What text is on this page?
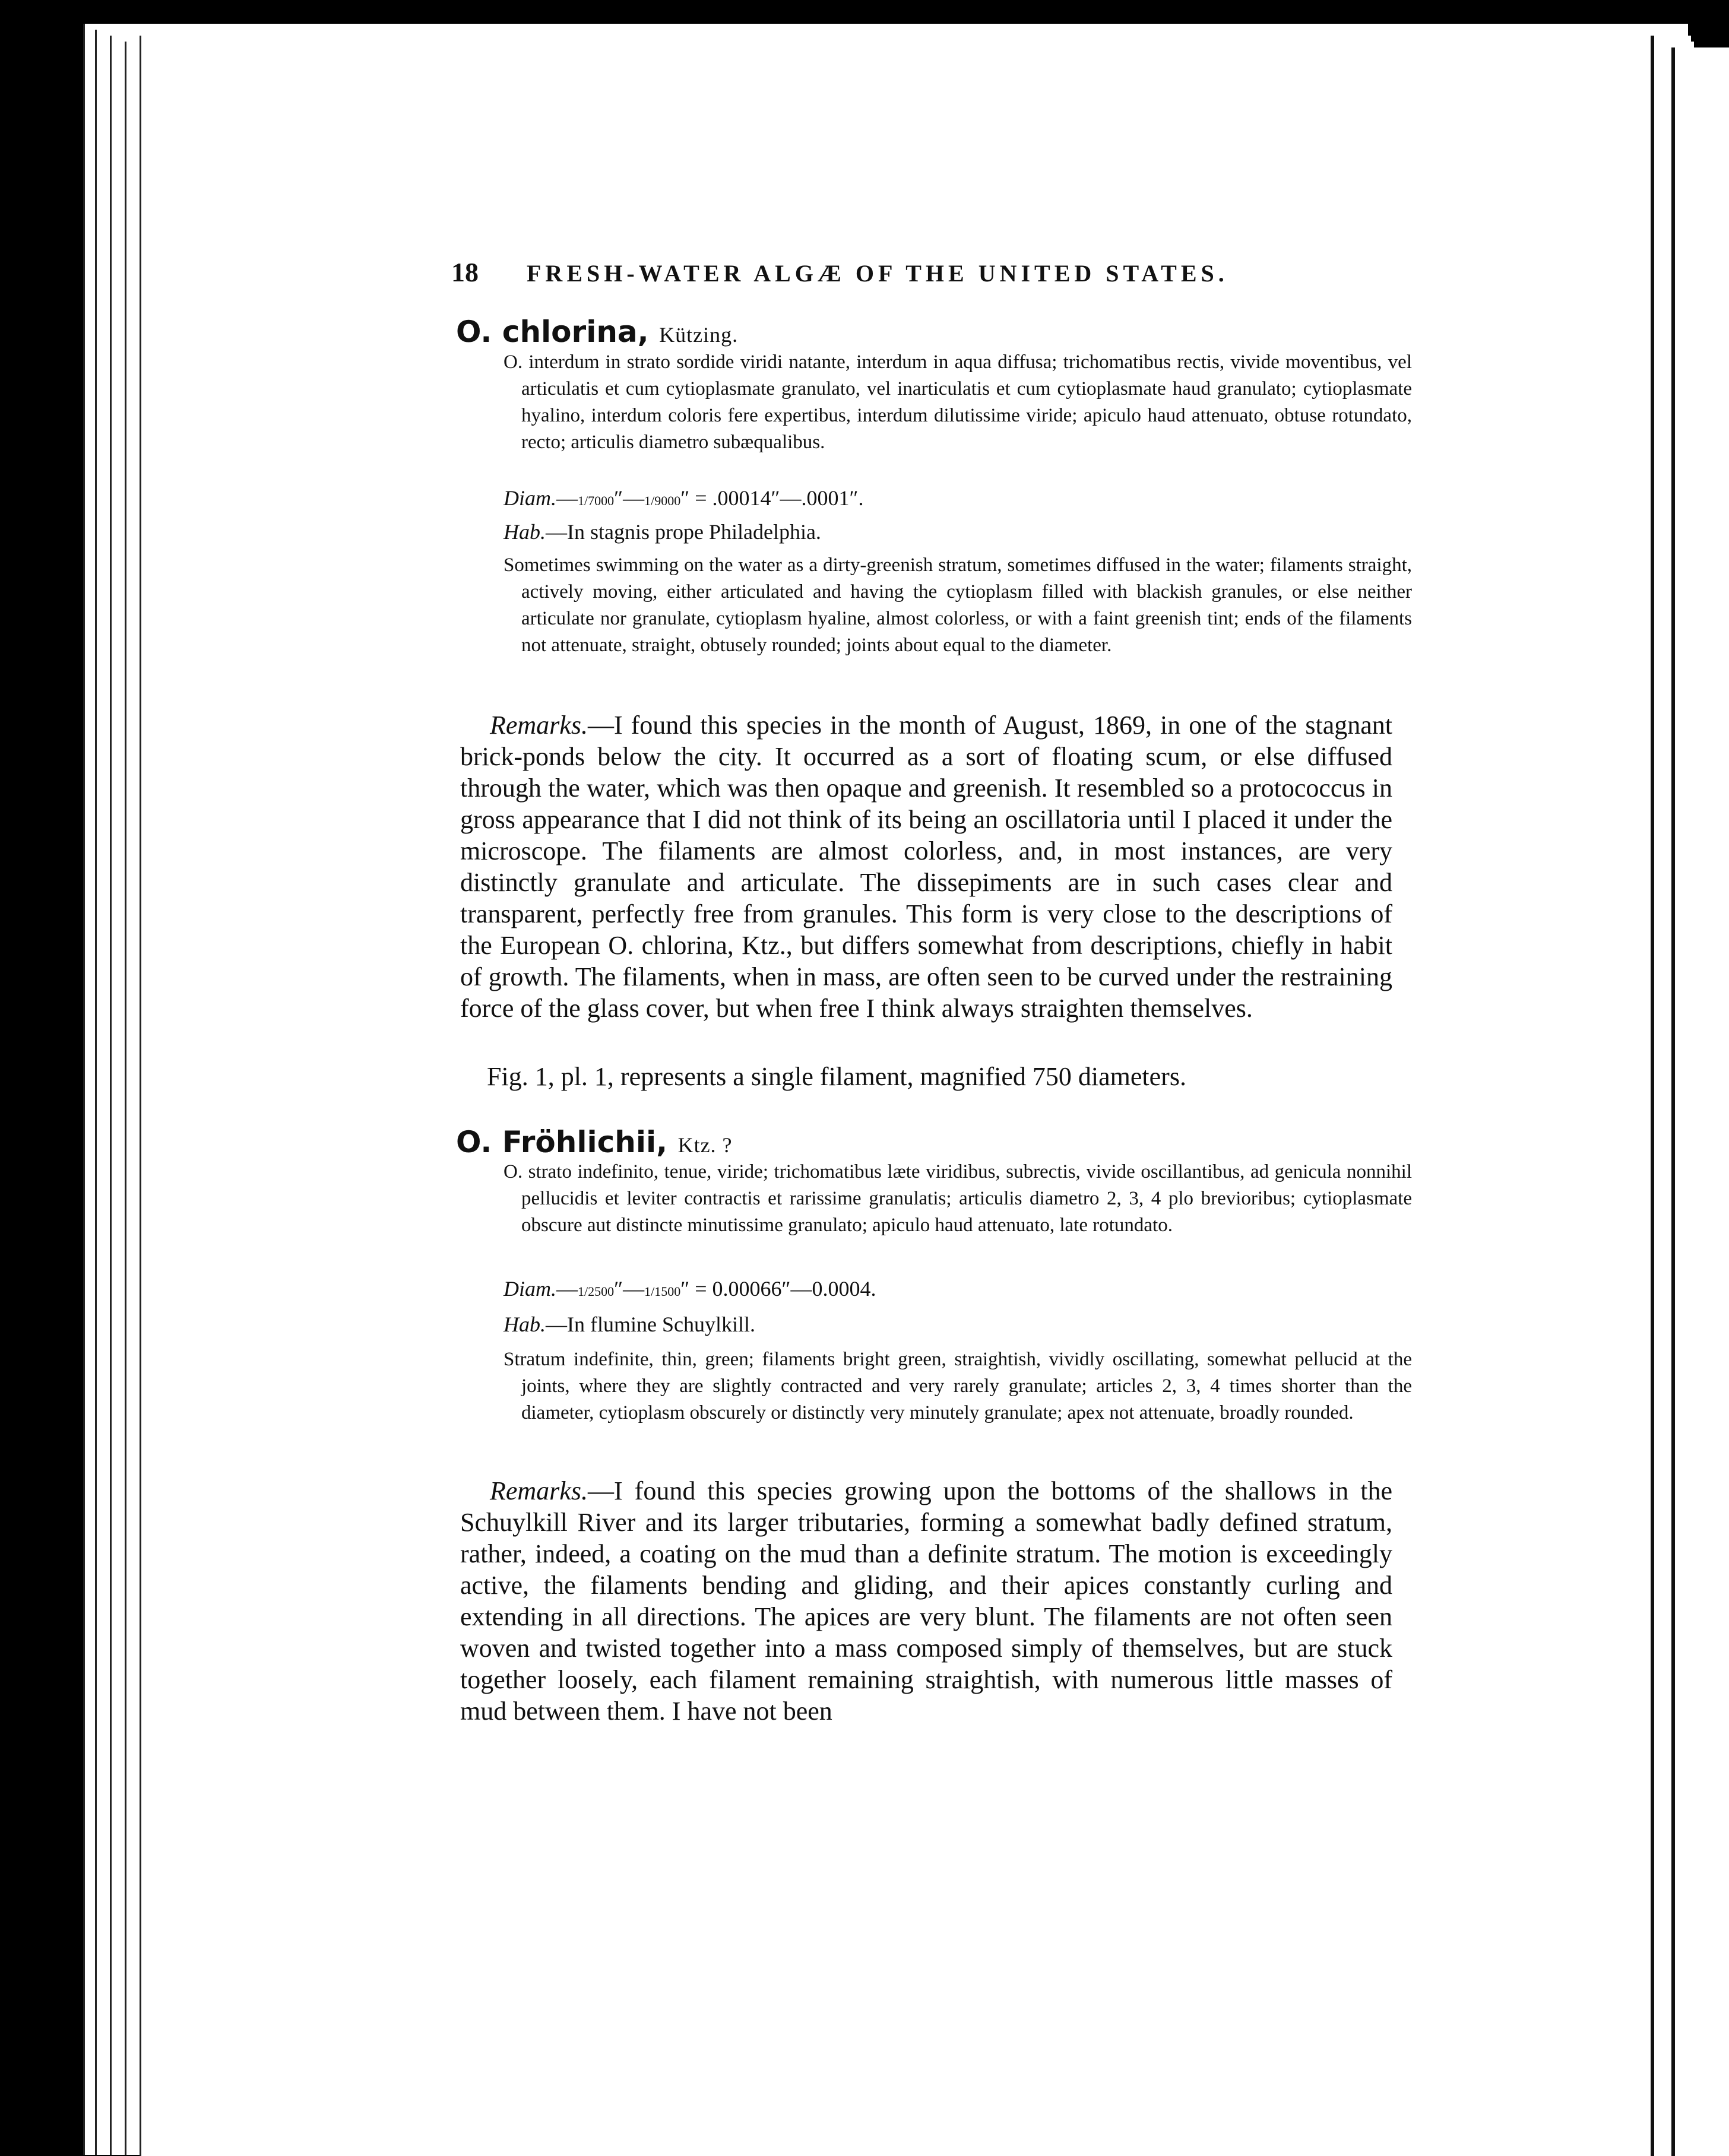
18 FRESH-WATER ALGÆ OF THE UNITED STATES.
O. chlorina, Kützing.
O. interdum in strato sordide viridi natante, interdum in aqua diffusa; trichomatibus rectis, vivide moventibus, vel articulatis et cum cytioplasmate granulato, vel inarticulatis et cum cytioplasmate haud granulato; cytioplasmate hyalino, interdum coloris fere expertibus, interdum dilutissime viride; apiculo haud attenuato, obtuse rotundato, recto; articulis diametro subæqualibus.
Diam.—1/7000″—1/9000″ = .00014″—.0001″.
Hab.—In stagnis prope Philadelphia.
Sometimes swimming on the water as a dirty-greenish stratum, sometimes diffused in the water; filaments straight, actively moving, either articulated and having the cytioplasm filled with blackish granules, or else neither articulate nor granulate, cytioplasm hyaline, almost colorless, or with a faint greenish tint; ends of the filaments not attenuate, straight, obtusely rounded; joints about equal to the diameter.
Remarks.—I found this species in the month of August, 1869, in one of the stagnant brick-ponds below the city. It occurred as a sort of floating scum, or else diffused through the water, which was then opaque and greenish. It resembled so a protococcus in gross appearance that I did not think of its being an oscillatoria until I placed it under the microscope. The filaments are almost colorless, and, in most instances, are very distinctly granulate and articulate. The dissepiments are in such cases clear and transparent, perfectly free from granules. This form is very close to the descriptions of the European O. chlorina, Ktz., but differs somewhat from descriptions, chiefly in habit of growth. The filaments, when in mass, are often seen to be curved under the restraining force of the glass cover, but when free I think always straighten themselves.
Fig. 1, pl. 1, represents a single filament, magnified 750 diameters.
O. Fröhlichii, Ktz. ?
O. strato indefinito, tenue, viride; trichomatibus læte viridibus, subrectis, vivide oscillantibus, ad genicula nonnihil pellucidis et leviter contractis et rarissime granulatis; articulis diametro 2, 3, 4 plo brevioribus; cytioplasmate obscure aut distincte minutissime granulato; apiculo haud attenuato, late rotundato.
Diam.—1/2500″—1/1500″ = 0.00066″—0.0004.
Hab.—In flumine Schuylkill.
Stratum indefinite, thin, green; filaments bright green, straightish, vividly oscillating, somewhat pellucid at the joints, where they are slightly contracted and very rarely granulate; articles 2, 3, 4 times shorter than the diameter, cytioplasm obscurely or distinctly very minutely granulate; apex not attenuate, broadly rounded.
Remarks.—I found this species growing upon the bottoms of the shallows in the Schuylkill River and its larger tributaries, forming a somewhat badly defined stratum, rather, indeed, a coating on the mud than a definite stratum. The motion is exceedingly active, the filaments bending and gliding, and their apices constantly curling and extending in all directions. The apices are very blunt. The filaments are not often seen woven and twisted together into a mass composed simply of themselves, but are stuck together loosely, each filament remaining straightish, with numerous little masses of mud between them. I have not been
